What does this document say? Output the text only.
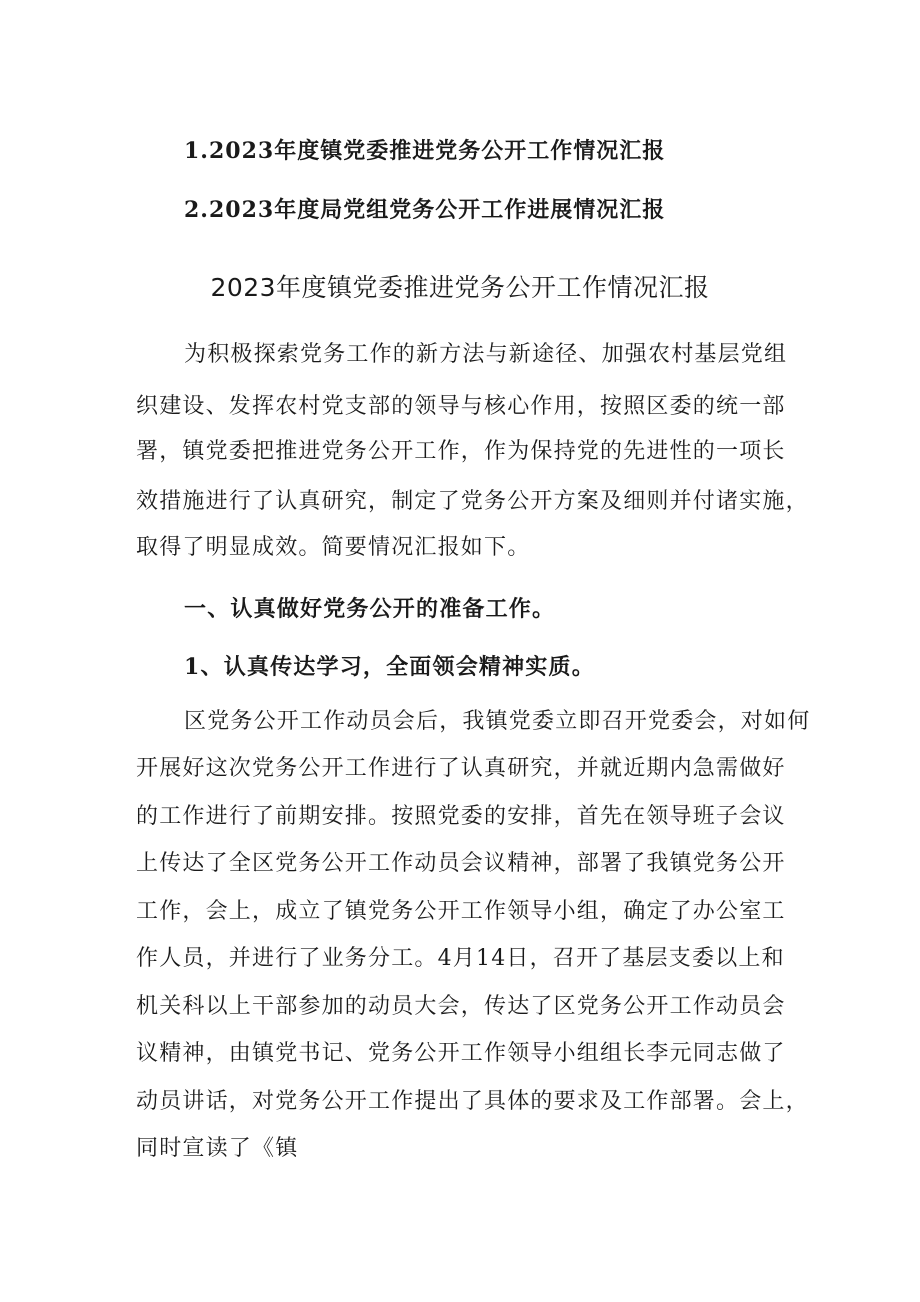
1.2023年度镇党委推进党务公开工作情况汇报
2.2023年度局党组党务公开工作进展情况汇报
2023年度镇党委推进党务公开工作情况汇报
为积极探索党务工作的新方法与新途径、加强农村基层党组
织建设、发挥农村党支部的领导与核心作用，按照区委的统一部
署，镇党委把推进党务公开工作，作为保持党的先进性的一项长
效措施进行了认真研究，制定了党务公开方案及细则并付诸实施，
取得了明显成效。简要情况汇报如下。
一、认真做好党务公开的准备工作。
1、认真传达学习，全面领会精神实质。
区党务公开工作动员会后，我镇党委立即召开党委会，对如何
开展好这次党务公开工作进行了认真研究，并就近期内急需做好
的工作进行了前期安排。按照党委的安排，首先在领导班子会议
上传达了全区党务公开工作动员会议精神，部署了我镇党务公开
工作，会上，成立了镇党务公开工作领导小组，确定了办公室工
作人员，并进行了业务分工。4月14日，召开了基层支委以上和
机关科以上干部参加的动员大会，传达了区党务公开工作动员会
议精神，由镇党书记、党务公开工作领导小组组长李元同志做了
动员讲话，对党务公开工作提出了具体的要求及工作部署。会上，
同时宣读了《镇
